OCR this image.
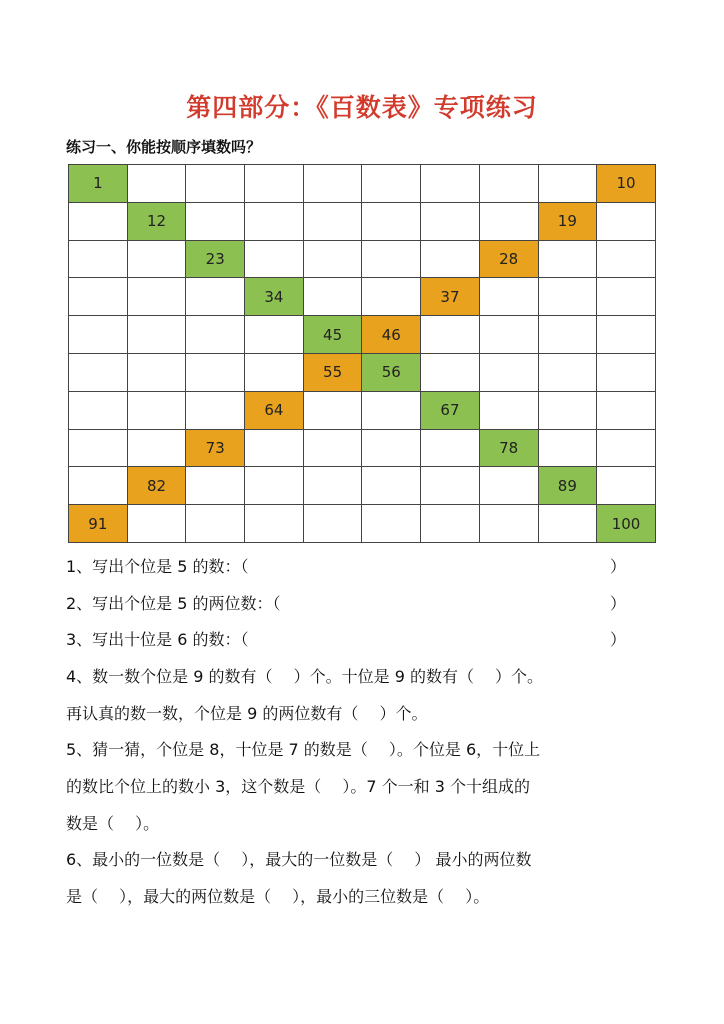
第四部分：《百数表》专项练习
练习一、你能按顺序填数吗？
1									10
	12							19	
		23					28		
			34			37			
				45	46				
				55	56				
			64			67			
		73					78		
	82							89	
91									100
1、写出个位是 5 的数：（	）
2、写出个位是 5 的两位数：（	）
3、写出十位是 6 的数：（	）
4、数一数个位是 9 的数有（　 ）个。十位是 9 的数有（　 ）个。
再认真的数一数，个位是 9 的两位数有（　 ）个。
5、猜一猜，个位是 8，十位是 7 的数是（　 ）。个位是 6，十位上
的数比个位上的数小 3，这个数是（　 ）。7 个一和 3 个十组成的
数是（　 ）。
6、最小的一位数是（　 ），最大的一位数是（　 ） 最小的两位数
是（　 ），最大的两位数是（　 ），最小的三位数是（　 ）。
